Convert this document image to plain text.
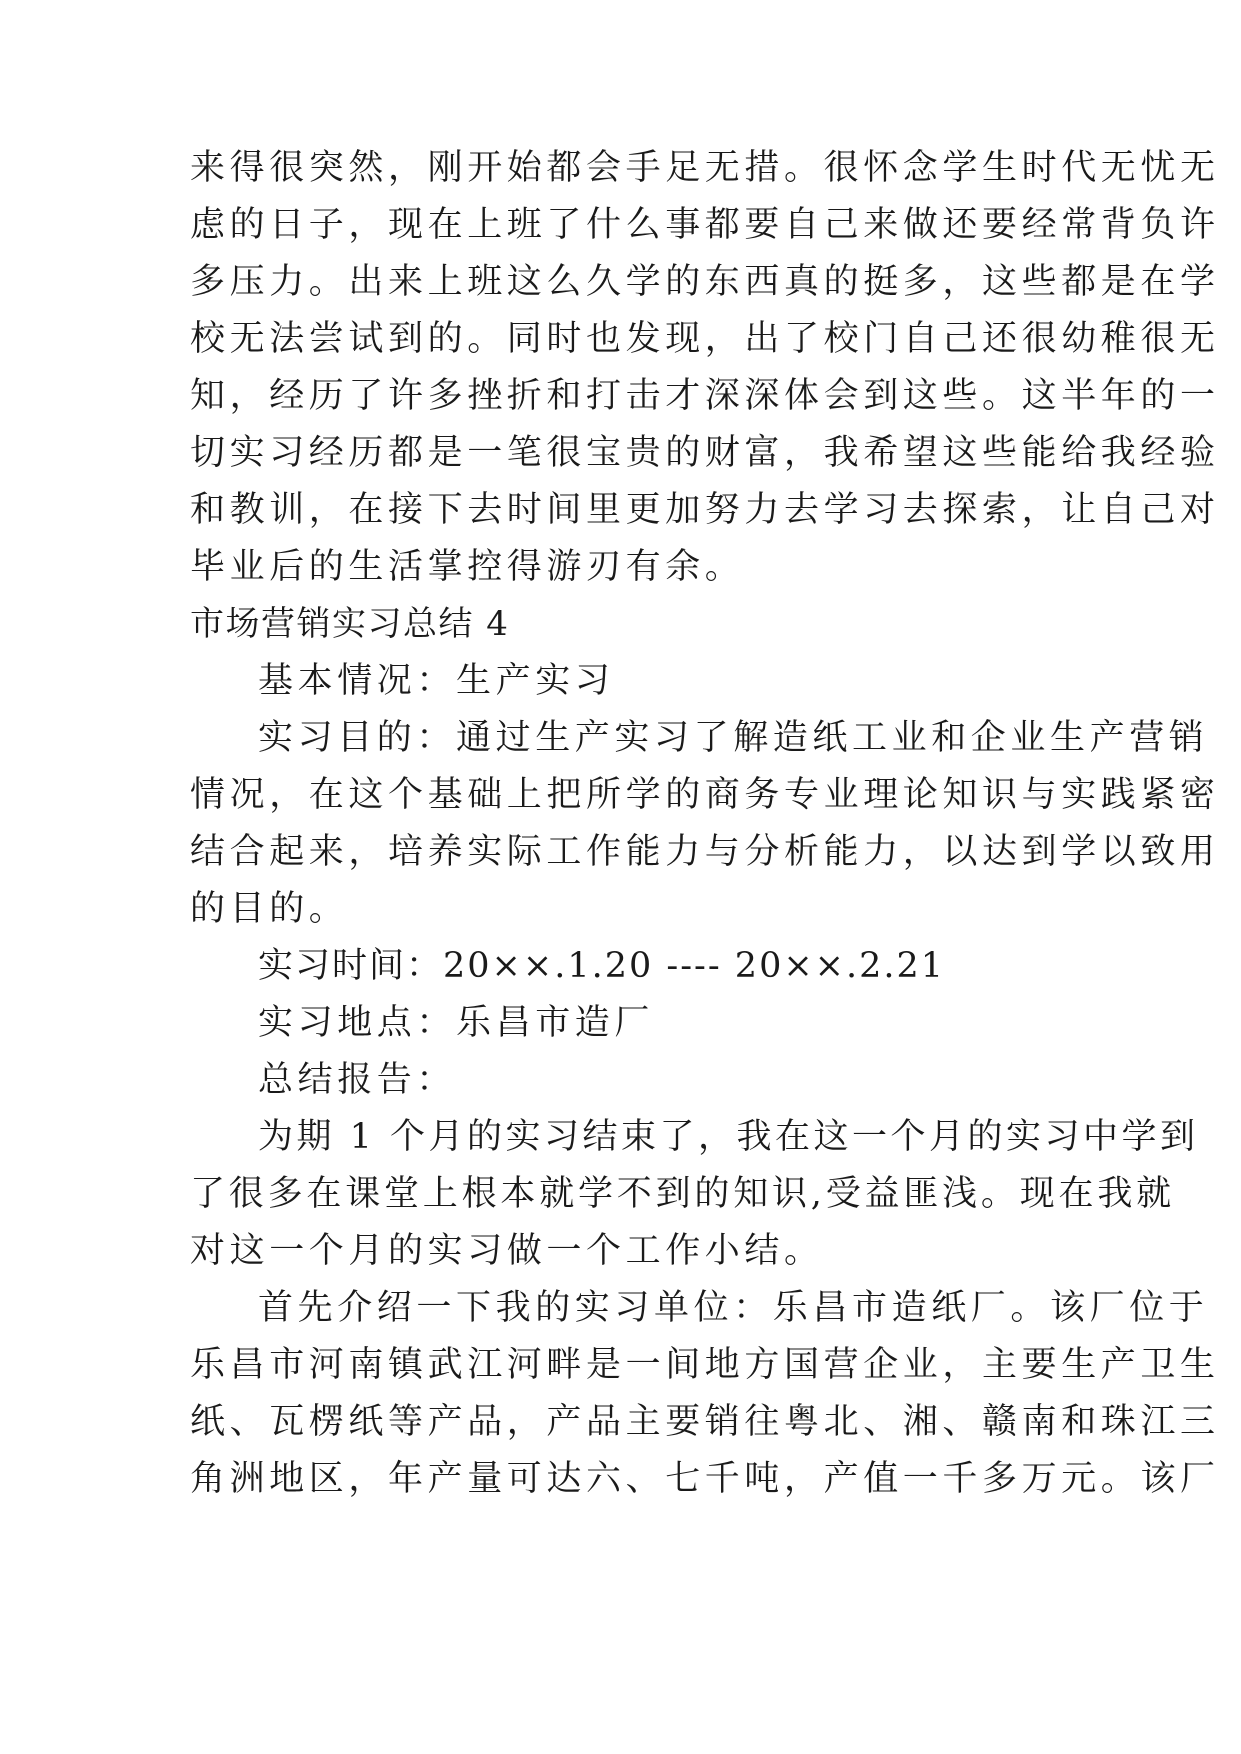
来得很突然，刚开始都会手足无措。很怀念学生时代无忧无
虑的日子，现在上班了什么事都要自己来做还要经常背负许
多压力。出来上班这么久学的东西真的挺多，这些都是在学
校无法尝试到的。同时也发现，出了校门自己还很幼稚很无
知，经历了许多挫折和打击才深深体会到这些。这半年的一
切实习经历都是一笔很宝贵的财富，我希望这些能给我经验
和教训，在接下去时间里更加努力去学习去探索，让自己对
毕业后的生活掌控得游刃有余。
市场营销实习总结 4
基本情况：生产实习
实习目的：通过生产实习了解造纸工业和企业生产营销
情况，在这个基础上把所学的商务专业理论知识与实践紧密
结合起来，培养实际工作能力与分析能力，以达到学以致用
的目的。
实习时间：20××.1.20 ---- 20××.2.21
实习地点：乐昌市造厂
总结报告：
为期 1 个月的实习结束了，我在这一个月的实习中学到
了很多在课堂上根本就学不到的知识,受益匪浅。现在我就
对这一个月的实习做一个工作小结。
首先介绍一下我的实习单位：乐昌市造纸厂。该厂位于
乐昌市河南镇武江河畔是一间地方国营企业，主要生产卫生
纸、瓦楞纸等产品，产品主要销往粤北、湘、赣南和珠江三
角洲地区，年产量可达六、七千吨，产值一千多万元。该厂
